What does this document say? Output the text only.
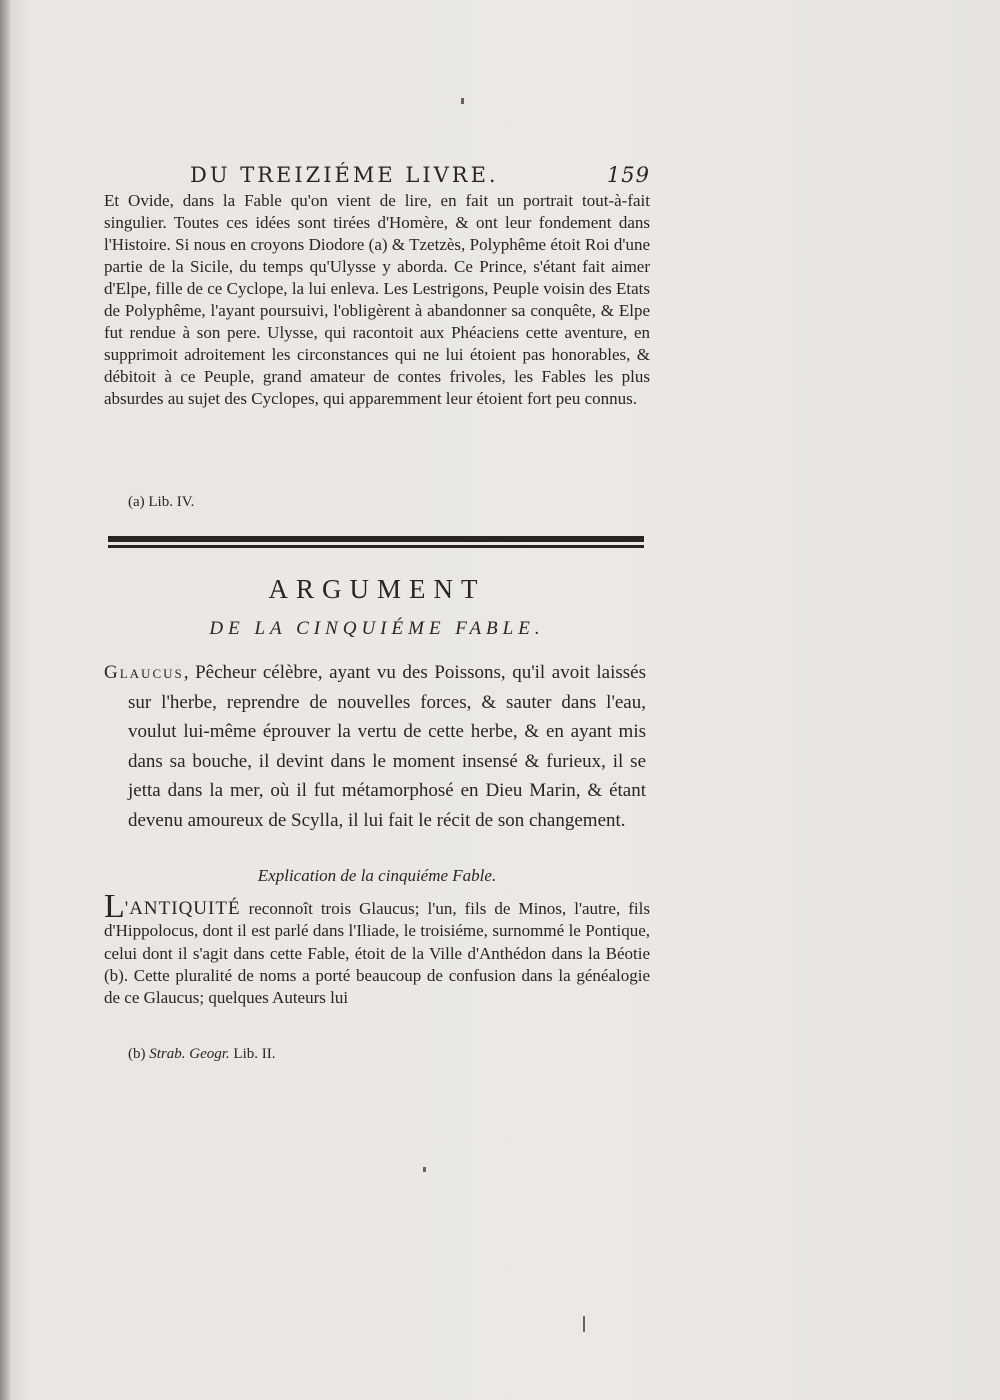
DU TREIZIÉME LIVRE.	159

Et Ovide, dans la Fable qu'on vient de lire, en fait un portrait tout-à-fait singulier. Toutes ces idées sont tirées d'Homère, & ont leur fondement dans l'Histoire. Si nous en croyons Diodore (a) & Tzetzès, Polyphême étoit Roi d'une partie de la Sicile, du temps qu'Ulysse y aborda. Ce Prince, s'étant fait aimer d'Elpe, fille de ce Cyclope, la lui enleva. Les Lestrigons, Peuple voisin des Etats de Polyphême, l'ayant poursuivi, l'obligèrent à abandonner sa conquête, & Elpe fut rendue à son pere. Ulysse, qui racontoit aux Phéaciens cette aventure, en supprimoit adroitement les circonstances qui ne lui étoient pas honorables, & débitoit à ce Peuple, grand amateur de contes frivoles, les Fables les plus absurdes au sujet des Cyclopes, qui apparemment leur étoient fort peu connus.

(a) Lib. IV.
ARGUMENT
DE LA CINQUIÉME FABLE.
Glaucus, Pêcheur célèbre, ayant vu des Poissons, qu'il avoit laissés sur l'herbe, reprendre de nouvelles forces, & sauter dans l'eau, voulut lui-même éprouver la vertu de cette herbe, & en ayant mis dans sa bouche, il devint dans le moment insensé & furieux, il se jetta dans la mer, où il fut métamorphosé en Dieu Marin, & étant devenu amoureux de Scylla, il lui fait le récit de son changement.
Explication de la cinquiéme Fable.

L'ANTIQUITÉ reconnoît trois Glaucus; l'un, fils de Minos, l'autre, fils d'Hippolocus, dont il est parlé dans l'Iliade, le troisiéme, surnommé le Pontique, celui dont il s'agit dans cette Fable, étoit de la Ville d'Anthédon dans la Béotie (b). Cette pluralité de noms a porté beaucoup de confusion dans la généalogie de ce Glaucus; quelques Auteurs lui

(b) Strab. Geogr. Lib. II.
